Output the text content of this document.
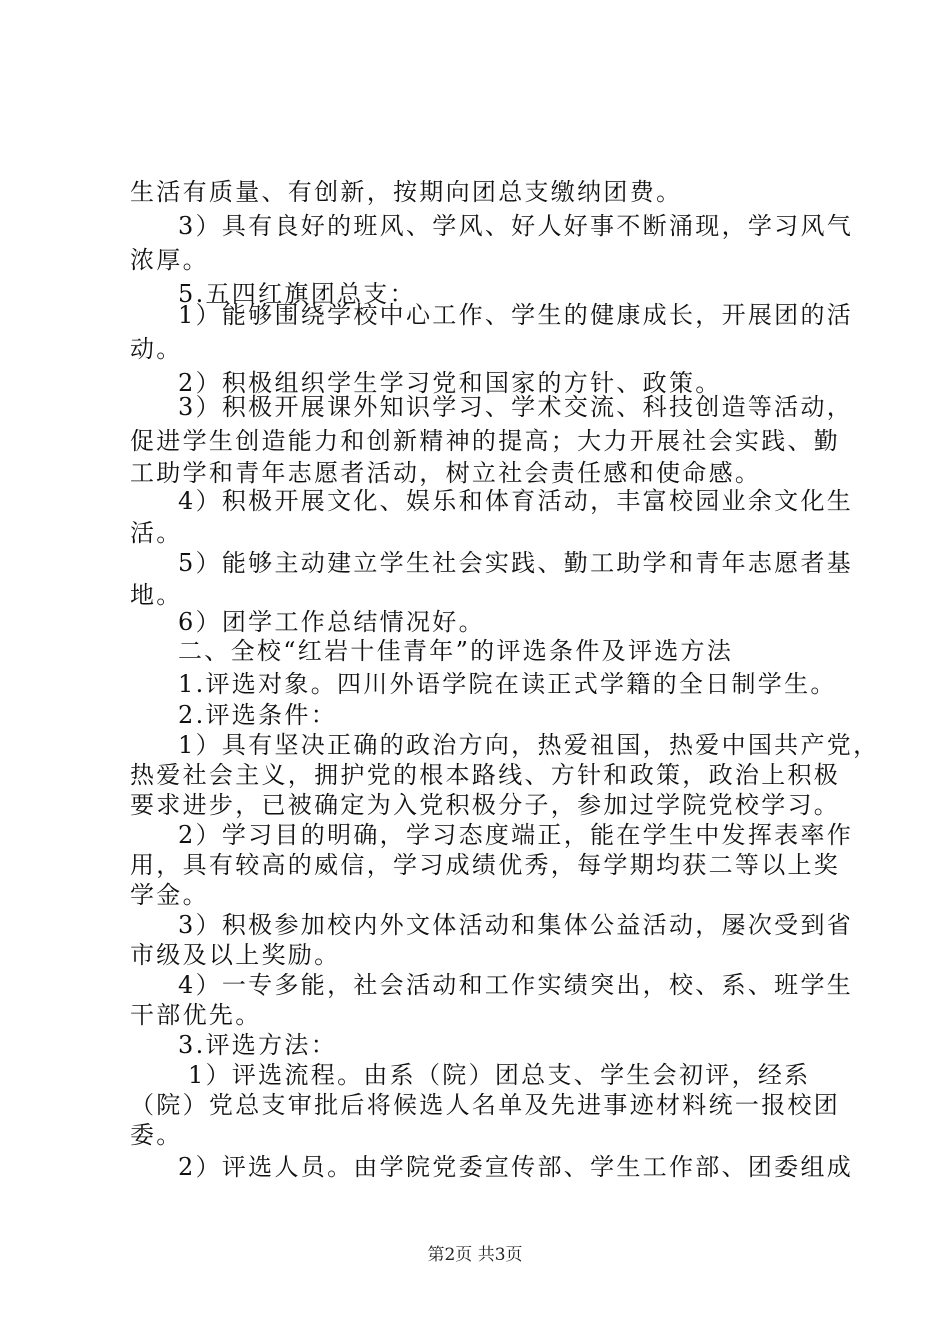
生活有质量、有创新，按期向团总支缴纳团费。
3）具有良好的班风、学风、好人好事不断涌现，学习风气
浓厚。
5.五四红旗团总支：
1）能够围绕学校中心工作、学生的健康成长，开展团的活
动。
2）积极组织学生学习党和国家的方针、政策。
3）积极开展课外知识学习、学术交流、科技创造等活动，
促进学生创造能力和创新精神的提高；大力开展社会实践、勤
工助学和青年志愿者活动，树立社会责任感和使命感。
4）积极开展文化、娱乐和体育活动，丰富校园业余文化生
活。
5）能够主动建立学生社会实践、勤工助学和青年志愿者基
地。
6）团学工作总结情况好。
二、全校“红岩十佳青年”的评选条件及评选方法
1.评选对象。四川外语学院在读正式学籍的全日制学生。
2.评选条件：
1）具有坚决正确的政治方向，热爱祖国，热爱中国共产党，
热爱社会主义，拥护党的根本路线、方针和政策，政治上积极
要求进步，已被确定为入党积极分子，参加过学院党校学习。
2）学习目的明确，学习态度端正，能在学生中发挥表率作
用，具有较高的威信，学习成绩优秀，每学期均获二等以上奖
学金。
3）积极参加校内外文体活动和集体公益活动，屡次受到省
市级及以上奖励。
4）一专多能，社会活动和工作实绩突出，校、系、班学生
干部优先。
3.评选方法：
1）评选流程。由系（院）团总支、学生会初评，经系
（院）党总支审批后将候选人名单及先进事迹材料统一报校团
委。
2）评选人员。由学院党委宣传部、学生工作部、团委组成
第2页 共3页
